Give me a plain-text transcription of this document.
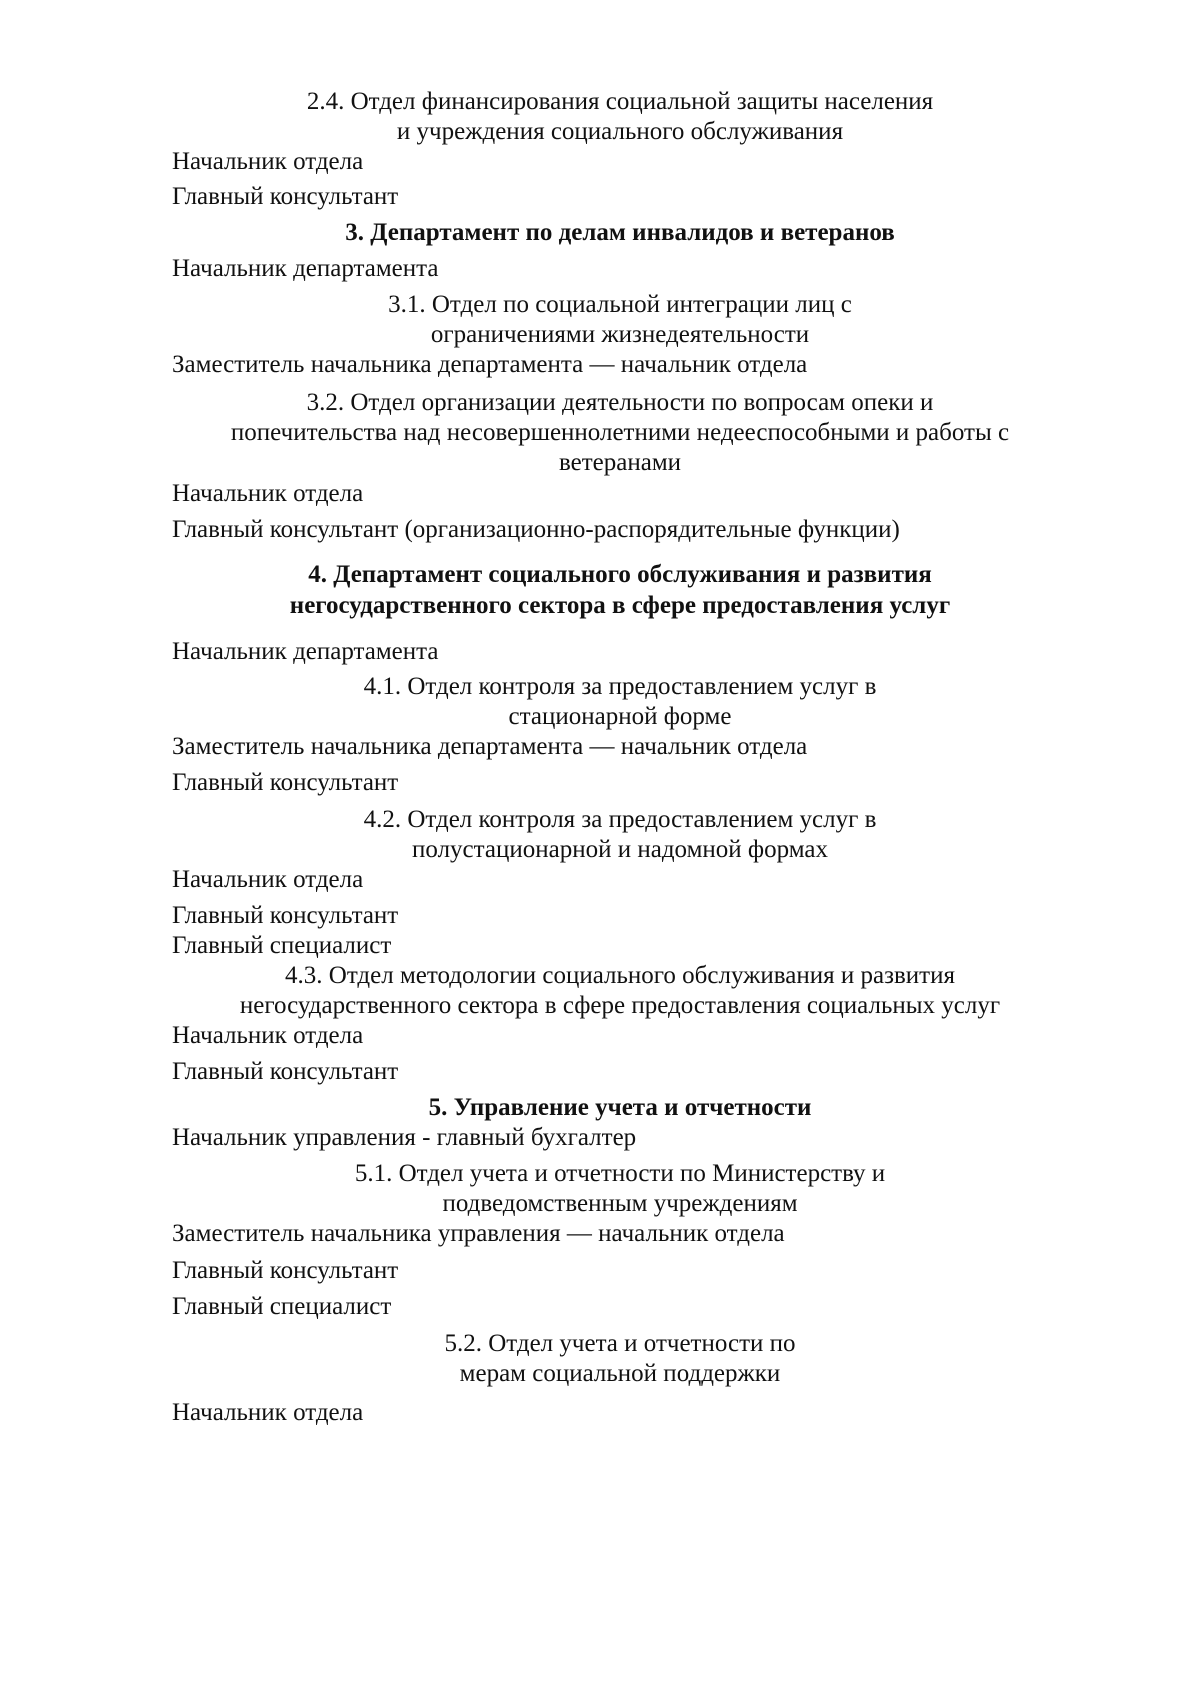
2.4. Отдел финансирования социальной защиты населения
и учреждения социального обслуживания
Начальник отдела
Главный консультант
3. Департамент по делам инвалидов и ветеранов
Начальник департамента
3.1. Отдел по социальной интеграции лиц с
ограничениями жизнедеятельности
Заместитель начальника департамента — начальник отдела
3.2. Отдел организации деятельности по вопросам опеки и
попечительства над несовершеннолетними недееспособными и работы с
ветеранами
Начальник отдела
Главный консультант (организационно-распорядительные функции)
4. Департамент социального обслуживания и развития
негосударственного сектора в сфере предоставления услуг
Начальник департамента
4.1. Отдел контроля за предоставлением услуг в
стационарной форме
Заместитель начальника департамента — начальник отдела
Главный консультант
4.2. Отдел контроля за предоставлением услуг в
полустационарной и надомной формах
Начальник отдела
Главный консультант
Главный специалист
4.3. Отдел методологии социального обслуживания и развития
негосударственного сектора в сфере предоставления социальных услуг
Начальник отдела
Главный консультант
5. Управление учета и отчетности
Начальник управления - главный бухгалтер
5.1. Отдел учета и отчетности по Министерству и
подведомственным учреждениям
Заместитель начальника управления — начальник отдела
Главный консультант
Главный специалист
5.2. Отдел учета и отчетности по
мерам социальной поддержки
Начальник отдела
